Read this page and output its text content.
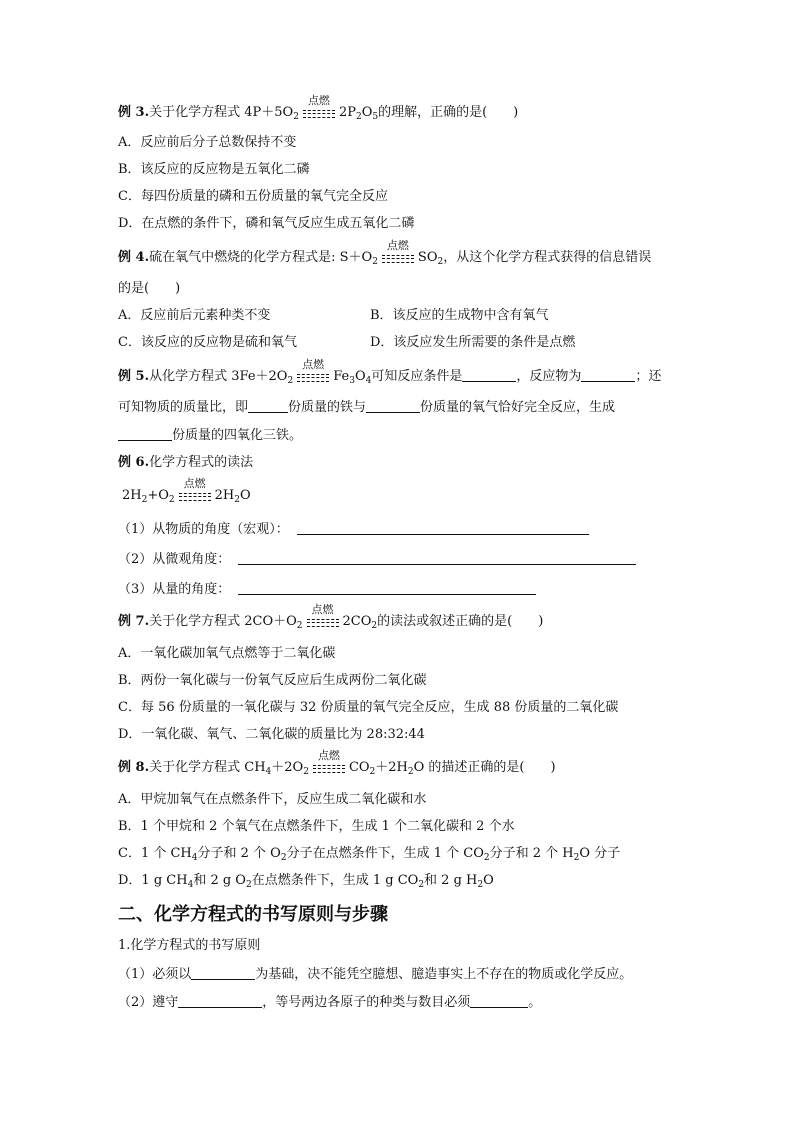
例 3.关于化学方程式 $4P+5O_2$
点燃
$2P_2O_5$的理解，正确的是(　　)
A．反应前后分子总数保持不变
B．该反应的反应物是五氧化二磷
C．每四份质量的磷和五份质量的氧气完全反应
D．在点燃的条件下，磷和氧气反应生成五氧化二磷
例 4.硫在氧气中燃烧的化学方程式是: $S+O_2$
点燃
$SO_2$，从这个化学方程式获得的信息错误
的是(　　)
A．反应前后元素种类不变	B．该反应的生成物中含有氧气
C．该反应的反应物是硫和氧气	D．该反应发生所需要的条件是点燃
例 5.从化学方程式 $3Fe+2O_2$
点燃
$Fe_3O_4$可知反应条件是	，反应物为	；还
可知物质的质量比，即	份质量的铁与	份质量的氧气恰好完全反应，生成
份质量的四氧化三铁。
例 6.化学方程式的读法
$2H_2+O_2$
点燃
$2H_2O$
（1）从物质的角度（宏观）：
（2）从微观角度：
（3）从量的角度：
例 7.关于化学方程式 $2CO+O_2$
点燃
$2CO_2$的读法或叙述正确的是(　　)
A．一氧化碳加氧气点燃等于二氧化碳
B．两份一氧化碳与一份氧气反应后生成两份二氧化碳
C．每 56 份质量的一氧化碳与 32 份质量的氧气完全反应，生成 88 份质量的二氧化碳
D．一氧化碳、氧气、二氧化碳的质量比为 28:32:44
例 8.关于化学方程式 $CH_4+2O_2$
点燃
$CO_2+2H_2O$ 的描述正确的是(　　)
A．甲烷加氧气在点燃条件下，反应生成二氧化碳和水
B．1 个甲烷和 2 个氧气在点燃条件下，生成 1 个二氧化碳和 2 个水
C．1 个 $CH_4$分子和 2 个 $O_2$分子在点燃条件下，生成 1 个 $CO_2$分子和 2 个 $H_2O$ 分子
D．1 g $CH_4$和 2 g $O_2$在点燃条件下，生成 1 g $CO_2$和 2 g $H_2O$
二、化学方程式的书写原则与步骤
1.化学方程式的书写原则
（1）必须以	为基础，决不能凭空臆想、臆造事实上不存在的物质或化学反应。
（2）遵守	，等号两边各原子的种类与数目必须	。
